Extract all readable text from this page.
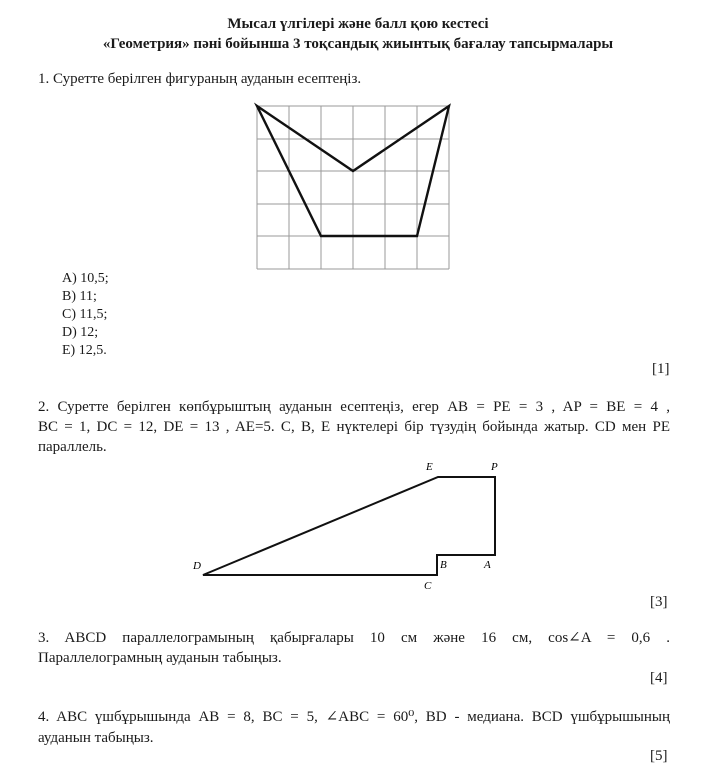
Мысал үлгілері және балл қою кестесі
«Геометрия» пәні бойынша 3 тоқсандық жиынтық бағалау тапсырмалары
1. Суретте берілген фигураның ауданын есептеңіз.
A) 10,5;
B) 11;
C) 11,5;
D) 12;
E) 12,5.
[1]
2. Суретте берілген көпбұрыштың ауданын есептеңіз, егер AB = PE = 3 , AP = BE = 4 ,
BC = 1, DC = 12, DE = 13 , AE=5. C, B, E нүктелері бір түзудің бойында жатыр. CD мен PE
параллель.
E	P
D	B	A
C
[3]
3. ABCD параллелограмының қабырғалары 10 см және 16 см, cos∠A = 0,6 .
Параллелограмның ауданын табыңыз.
[4]
4. ABC үшбұрышында AB = 8, BC = 5, ∠ABC = 60⁰, BD - медиана. BCD үшбұрышының
ауданын табыңыз.
[5]
